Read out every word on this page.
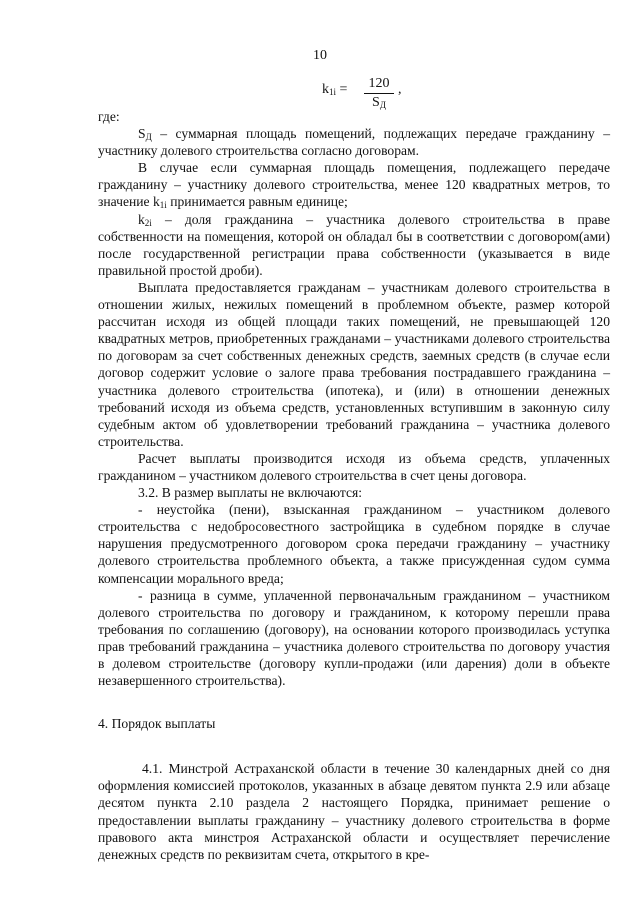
10
$k_{1i}$ =	120
$S_Д$
,

где:

$S_Д$ – суммарная площадь помещений, подлежащих передаче гражданину – участнику долевого строительства согласно договорам.

В случае если суммарная площадь помещения, подлежащего передаче гражданину – участнику долевого строительства, менее 120 квадратных метров, то значение $k_{1i}$ принимается равным единице;

$k_{2i}$ – доля гражданина – участника долевого строительства в праве собственности на помещения, которой он обладал бы в соответствии с договором(ами) после государственной регистрации права собственности (указывается в виде правильной простой дроби).

Выплата предоставляется гражданам – участникам долевого строительства в отношении жилых, нежилых помещений в проблемном объекте, размер которой рассчитан исходя из общей площади таких помещений, не превышающей 120 квадратных метров, приобретенных гражданами – участниками долевого строительства по договорам за счет собственных денежных средств, заемных средств (в случае если договор содержит условие о залоге права требования пострадавшего гражданина – участника долевого строительства (ипотека), и (или) в отношении денежных требований исходя из объема средств, установленных вступившим в законную силу судебным актом об удовлетворении требований гражданина – участника долевого строительства.

Расчет выплаты производится исходя из объема средств, уплаченных гражданином – участником долевого строительства в счет цены договора.

3.2. В размер выплаты не включаются:

- неустойка (пени), взысканная гражданином – участником долевого строительства с недобросовестного застройщика в судебном порядке в случае нарушения предусмотренного договором срока передачи гражданину – участнику долевого строительства проблемного объекта, а также присужденная судом сумма компенсации морального вреда;

- разница в сумме, уплаченной первоначальным гражданином – участником долевого строительства по договору и гражданином, к которому перешли права требования по соглашению (договору), на основании которого производилась уступка прав требований гражданина – участника долевого строительства по договору участия в долевом строительстве (договору купли-продажи (или дарения) доли в объекте незавершенного строительства).

4. Порядок выплаты

4.1. Минстрой Астраханской области в течение 30 календарных дней со дня оформления комиссией протоколов, указанных в абзаце девятом пункта 2.9 или абзаце десятом пункта 2.10 раздела 2 настоящего Порядка, принимает решение о предоставлении выплаты гражданину – участнику долевого строительства в форме правового акта минстроя Астраханской области и осуществляет перечисление денежных средств по реквизитам счета, открытого в кре-
